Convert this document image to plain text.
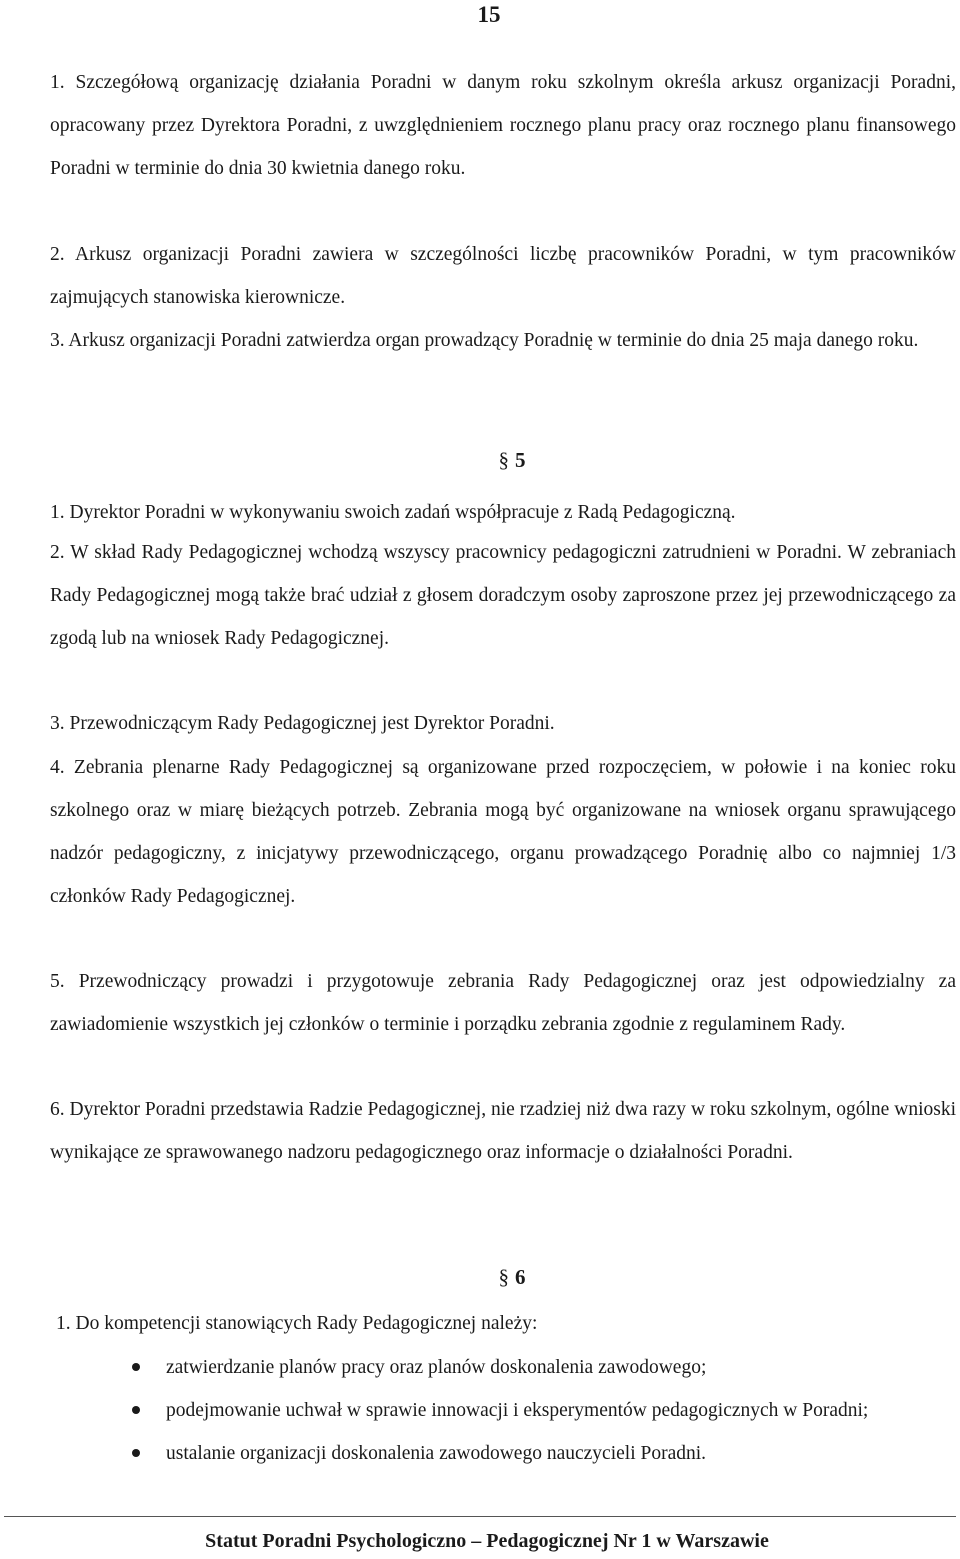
15
1. Szczegółową organizację działania Poradni w danym roku szkolnym określa arkusz organizacji Poradni, opracowany przez Dyrektora Poradni, z uwzględnieniem rocznego planu pracy oraz rocznego planu finansowego Poradni w terminie do dnia 30 kwietnia danego roku.
2. Arkusz organizacji Poradni zawiera w szczególności liczbę pracowników Poradni, w tym pracowników zajmujących stanowiska kierownicze.
3. Arkusz organizacji Poradni zatwierdza organ prowadzący Poradnię w terminie do dnia 25 maja danego roku.
§ 5
1. Dyrektor Poradni w wykonywaniu swoich zadań współpracuje z Radą Pedagogiczną.
2. W skład Rady Pedagogicznej wchodzą wszyscy pracownicy pedagogiczni zatrudnieni w Poradni. W zebraniach Rady Pedagogicznej mogą także brać udział z głosem doradczym osoby zaproszone przez jej przewodniczącego za zgodą lub na wniosek Rady Pedagogicznej.
3. Przewodniczącym Rady Pedagogicznej jest Dyrektor Poradni.
4. Zebrania plenarne Rady Pedagogicznej są organizowane przed rozpoczęciem, w połowie i na koniec roku szkolnego oraz w miarę bieżących potrzeb. Zebrania mogą być organizowane na wniosek organu sprawującego nadzór pedagogiczny, z inicjatywy przewodniczącego, organu prowadzącego Poradnię albo co najmniej 1/3 członków Rady Pedagogicznej.
5. Przewodniczący prowadzi i przygotowuje zebrania Rady Pedagogicznej oraz jest odpowiedzialny za zawiadomienie wszystkich jej członków o terminie i porządku zebrania zgodnie z regulaminem Rady.
6. Dyrektor Poradni przedstawia Radzie Pedagogicznej, nie rzadziej niż dwa razy w roku szkolnym, ogólne wnioski wynikające ze sprawowanego nadzoru pedagogicznego oraz informacje o działalności Poradni.
§ 6
1. Do kompetencji stanowiących Rady Pedagogicznej należy:
zatwierdzanie planów pracy oraz planów doskonalenia zawodowego;
podejmowanie uchwał w sprawie innowacji i eksperymentów pedagogicznych w Poradni;
ustalanie organizacji doskonalenia zawodowego nauczycieli Poradni.
Statut Poradni Psychologiczno – Pedagogicznej Nr 1 w Warszawie
